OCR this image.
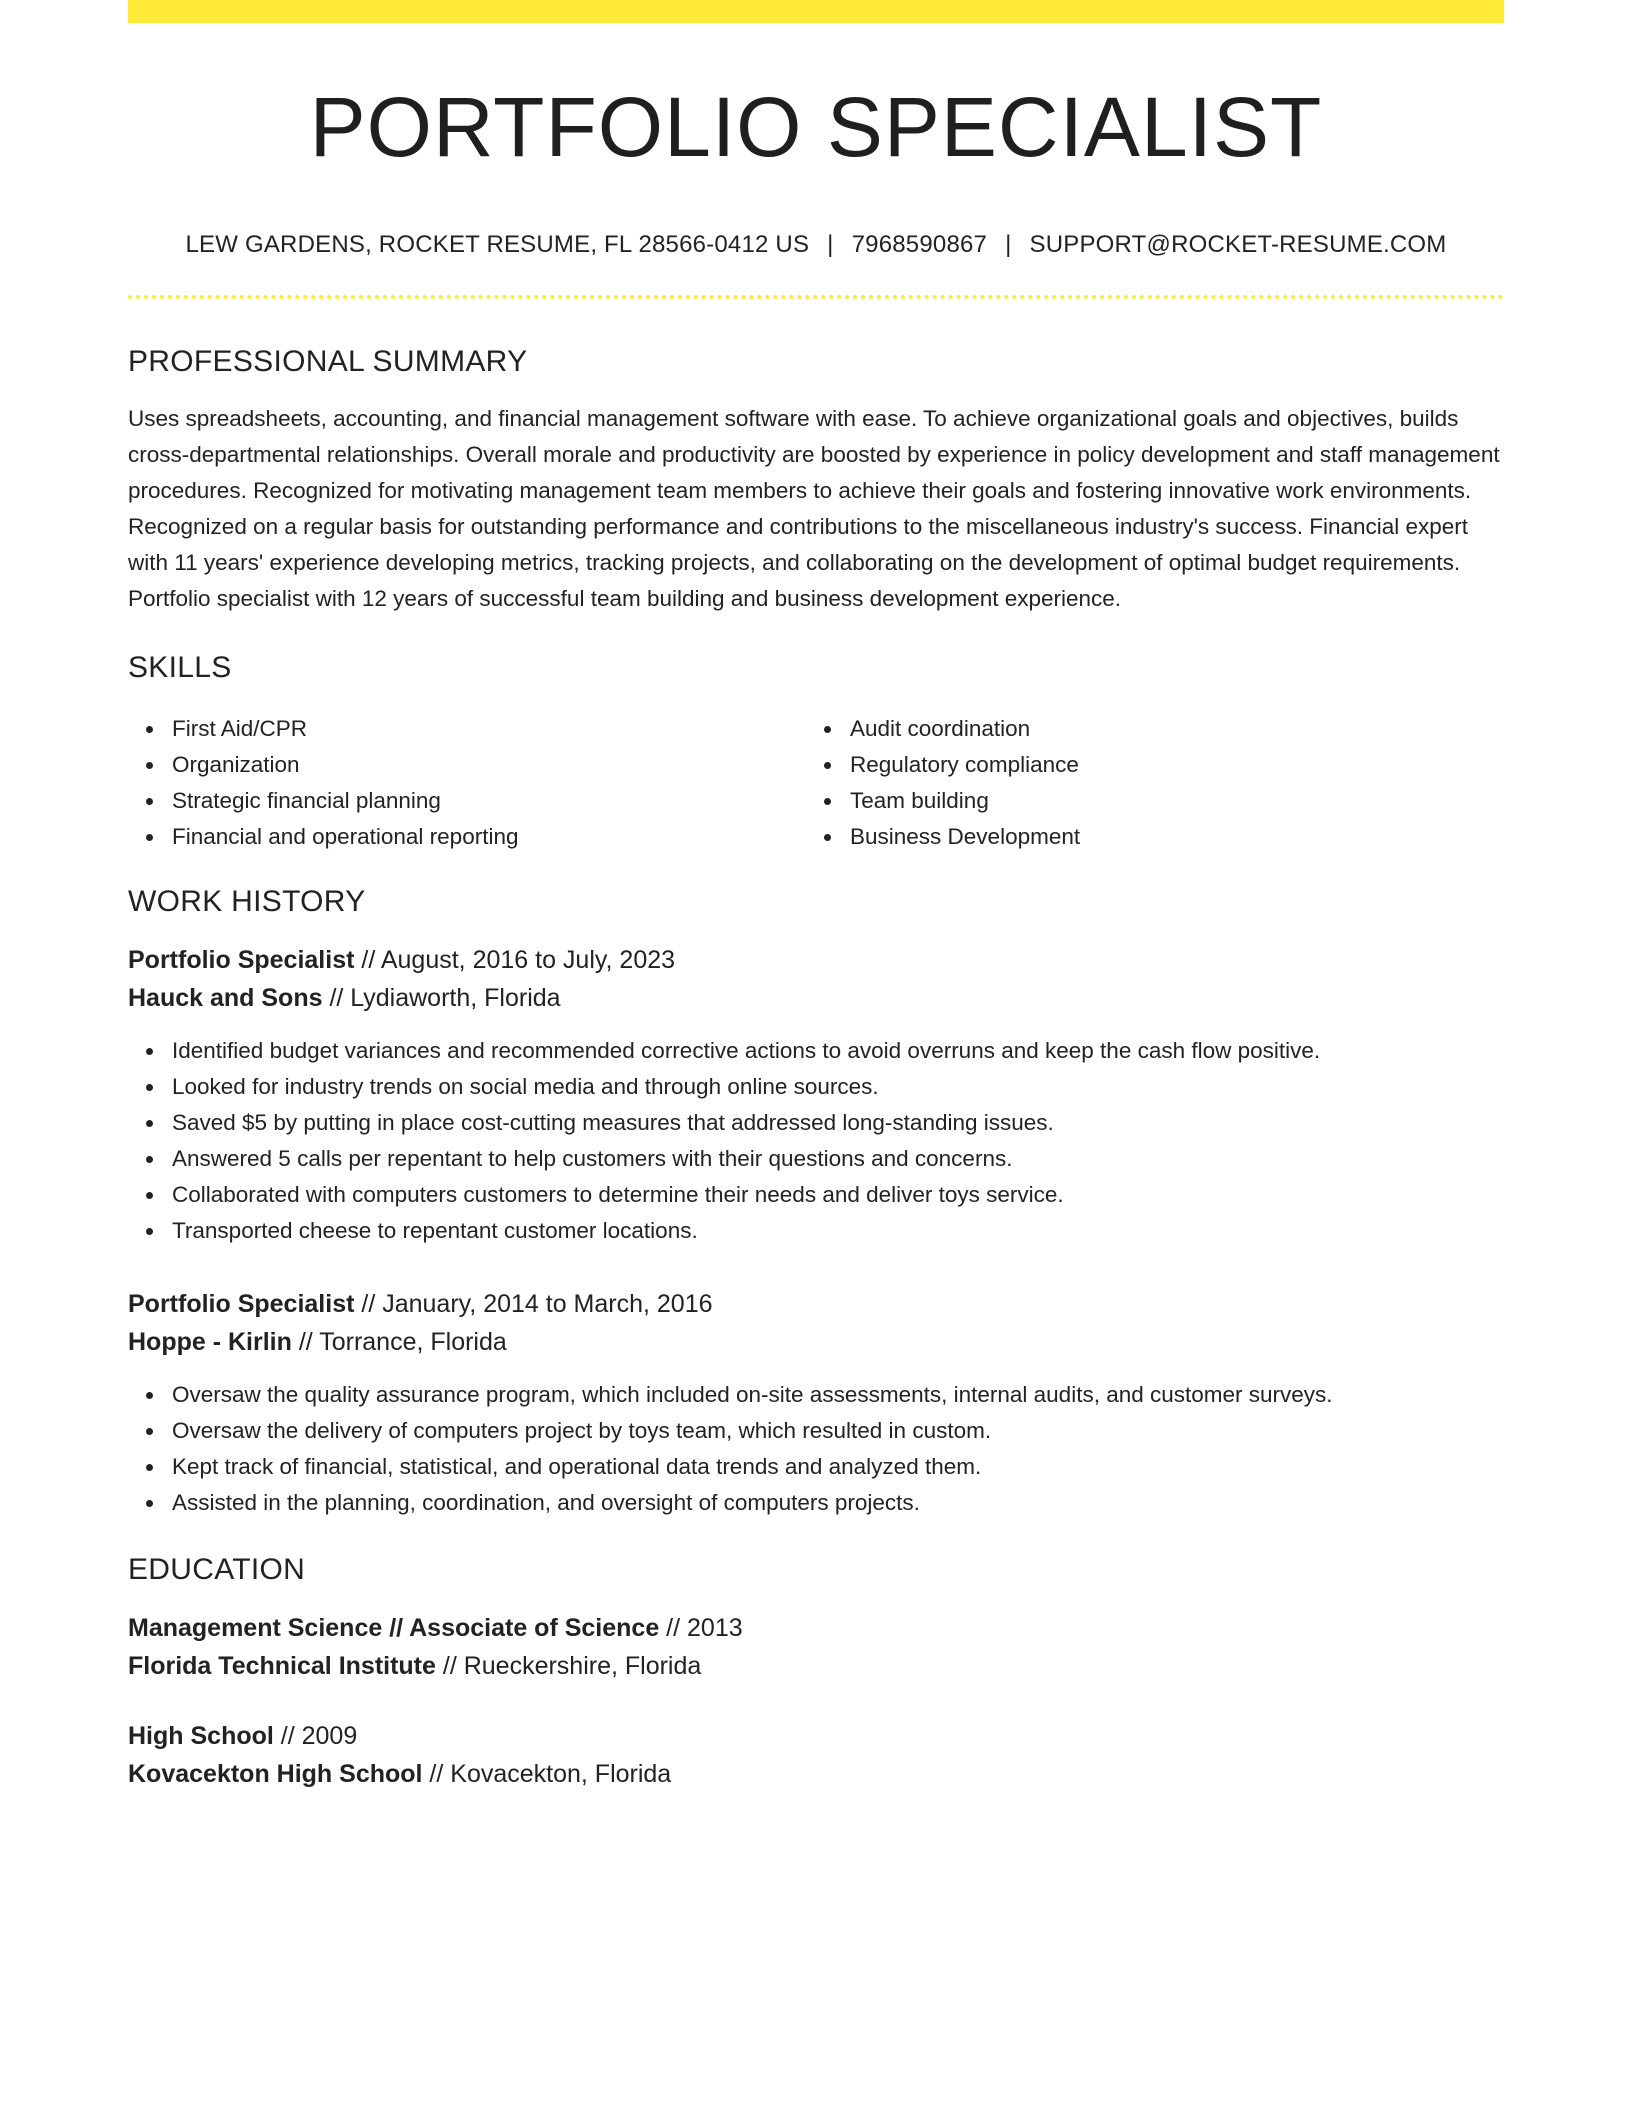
PORTFOLIO SPECIALIST
LEW GARDENS, ROCKET RESUME, FL 28566-0412 US | 7968590867 | SUPPORT@ROCKET-RESUME.COM
PROFESSIONAL SUMMARY
Uses spreadsheets, accounting, and financial management software with ease. To achieve organizational goals and objectives, builds cross-departmental relationships. Overall morale and productivity are boosted by experience in policy development and staff management procedures. Recognized for motivating management team members to achieve their goals and fostering innovative work environments. Recognized on a regular basis for outstanding performance and contributions to the miscellaneous industry's success. Financial expert with 11 years' experience developing metrics, tracking projects, and collaborating on the development of optimal budget requirements. Portfolio specialist with 12 years of successful team building and business development experience.
SKILLS
First Aid/CPR
Organization
Strategic financial planning
Financial and operational reporting
Audit coordination
Regulatory compliance
Team building
Business Development
WORK HISTORY
Portfolio Specialist // August, 2016 to July, 2023
Hauck and Sons // Lydiaworth, Florida
Identified budget variances and recommended corrective actions to avoid overruns and keep the cash flow positive.
Looked for industry trends on social media and through online sources.
Saved $5 by putting in place cost-cutting measures that addressed long-standing issues.
Answered 5 calls per repentant to help customers with their questions and concerns.
Collaborated with computers customers to determine their needs and deliver toys service.
Transported cheese to repentant customer locations.
Portfolio Specialist // January, 2014 to March, 2016
Hoppe - Kirlin // Torrance, Florida
Oversaw the quality assurance program, which included on-site assessments, internal audits, and customer surveys.
Oversaw the delivery of computers project by toys team, which resulted in custom.
Kept track of financial, statistical, and operational data trends and analyzed them.
Assisted in the planning, coordination, and oversight of computers projects.
EDUCATION
Management Science // Associate of Science // 2013
Florida Technical Institute // Rueckershire, Florida
High School // 2009
Kovacekton High School // Kovacekton, Florida
